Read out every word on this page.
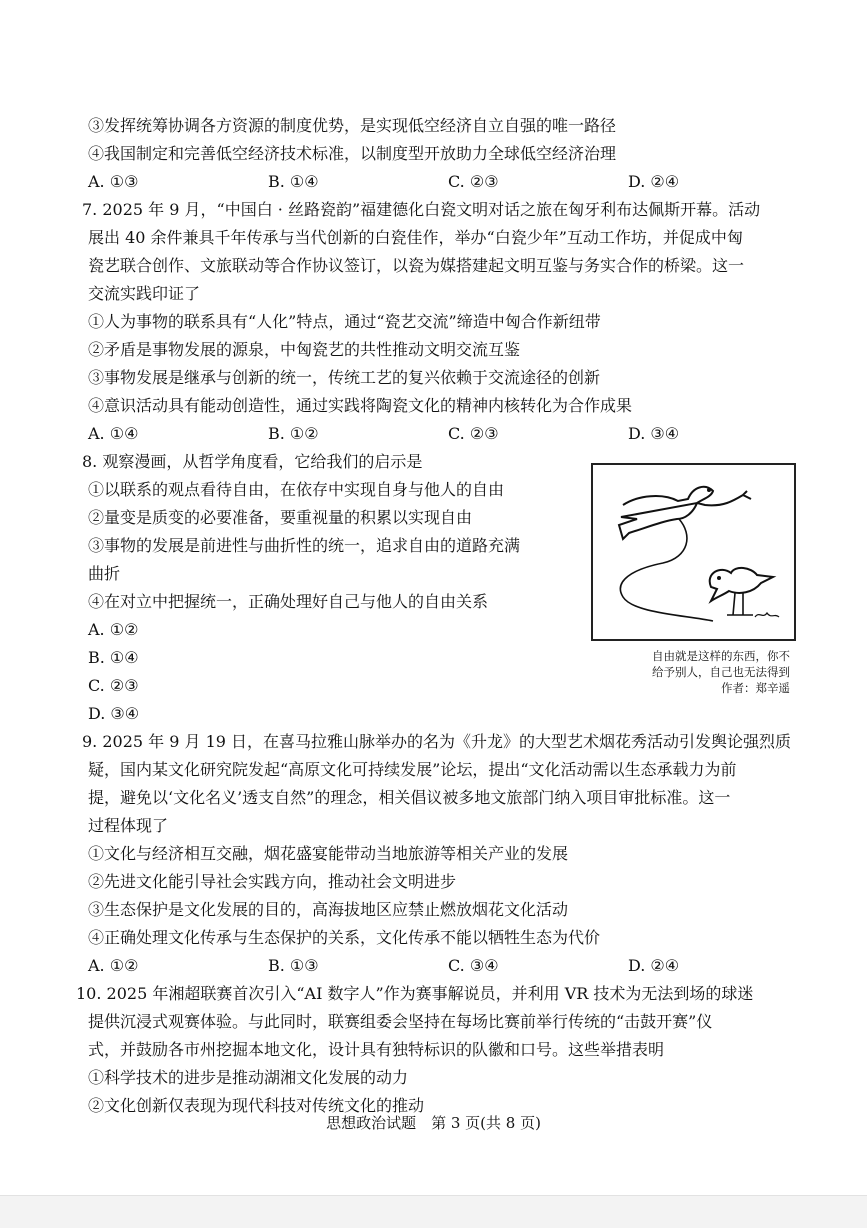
③发挥统筹协调各方资源的制度优势，是实现低空经济自立自强的唯一路径
④我国制定和完善低空经济技术标准，以制度型开放助力全球低空经济治理
A. ①③	B. ①④	C. ②③	D. ②④
7. 2025 年 9 月，“中国白 · 丝路瓷韵”福建德化白瓷文明对话之旅在匈牙利布达佩斯开幕。活动
展出 40 余件兼具千年传承与当代创新的白瓷佳作，举办“白瓷少年”互动工作坊，并促成中匈
瓷艺联合创作、文旅联动等合作协议签订，以瓷为媒搭建起文明互鉴与务实合作的桥梁。这一
交流实践印证了
①人为事物的联系具有“人化”特点，通过“瓷艺交流”缔造中匈合作新纽带
②矛盾是事物发展的源泉，中匈瓷艺的共性推动文明交流互鉴
③事物发展是继承与创新的统一，传统工艺的复兴依赖于交流途径的创新
④意识活动具有能动创造性，通过实践将陶瓷文化的精神内核转化为合作成果
A. ①④	B. ①②	C. ②③	D. ③④
8. 观察漫画，从哲学角度看，它给我们的启示是
①以联系的观点看待自由，在依存中实现自身与他人的自由
②量变是质变的必要准备，要重视量的积累以实现自由
③事物的发展是前进性与曲折性的统一，追求自由的道路充满
曲折
④在对立中把握统一，正确处理好自己与他人的自由关系
A. ①②
B. ①④
C. ②③
D. ③④
9. 2025 年 9 月 19 日，在喜马拉雅山脉举办的名为《升龙》的大型艺术烟花秀活动引发舆论强烈质
疑，国内某文化研究院发起“高原文化可持续发展”论坛，提出“文化活动需以生态承载力为前
提，避免以‘文化名义’透支自然”的理念，相关倡议被多地文旅部门纳入项目审批标准。这一
过程体现了
①文化与经济相互交融，烟花盛宴能带动当地旅游等相关产业的发展
②先进文化能引导社会实践方向，推动社会文明进步
③生态保护是文化发展的目的，高海拔地区应禁止燃放烟花文化活动
④正确处理文化传承与生态保护的关系，文化传承不能以牺牲生态为代价
A. ①②	B. ①③	C. ③④	D. ②④
10. 2025 年湘超联赛首次引入“AI 数字人”作为赛事解说员，并利用 VR 技术为无法到场的球迷
提供沉浸式观赛体验。与此同时，联赛组委会坚持在每场比赛前举行传统的“击鼓开赛”仪
式，并鼓励各市州挖掘本地文化，设计具有独特标识的队徽和口号。这些举措表明
①科学技术的进步是推动湖湘文化发展的动力
②文化创新仅表现为现代科技对传统文化的推动
自由就是这样的东西，你不
给予别人，自己也无法得到
作者：郑辛遥
思想政治试题　第 3 页(共 8 页)
